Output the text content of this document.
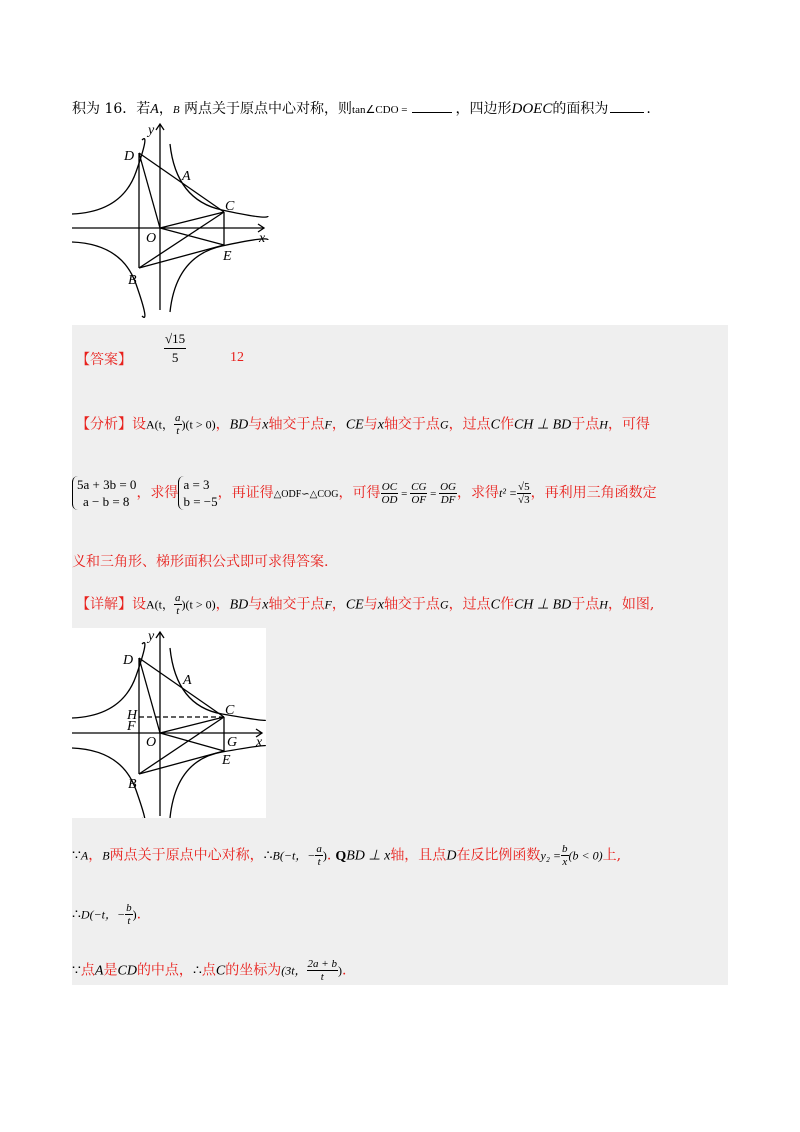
积为 16．若A，B 两点关于原点中心对称，则tan∠CDO =	，四边形DOEC的面积为	.
y
x
D
A
C
O
E
B
【答案】 $\frac{√15}{5}$	12
【分析】设A(t， $\frac{a}{t} )(t > 0)$，BD与x轴交于点F，CE与x轴交于点G，过点C作CH ⊥ BD于点H，可得
5a + 3b = 0
a − b = 8
，求得
a = 3
b = −5
，再证得△ODF∽△COG，可得 $\frac{OC}{OD} = \frac{CG}{OF} = \frac{OG}{DF}$ ，求得$t^2 = \frac{√5}{√3}$ ，再利用三角函数定
义和三角形、梯形面积公式即可求得答案.
【详解】设A(t， $\frac{a}{t} )(t > 0)$，BD与x轴交于点F，CE与x轴交于点G，过点C作CH ⊥ BD于点H，如图,
y
x
D
A
C
H
F
O	G
E
B
∵A，B两点关于原点中心对称，∴B(−t，− $\frac{a}{t}$ ). QBD ⊥ x轴，且点D在反比例函数$y_2 = \frac{b}{x} (b < 0)$上,
∴D(−t，− $\frac{b}{t}$ ).
∵点A是CD的中点，∴点C的坐标为(3t， $\frac{2a + b}{t}$ ).
